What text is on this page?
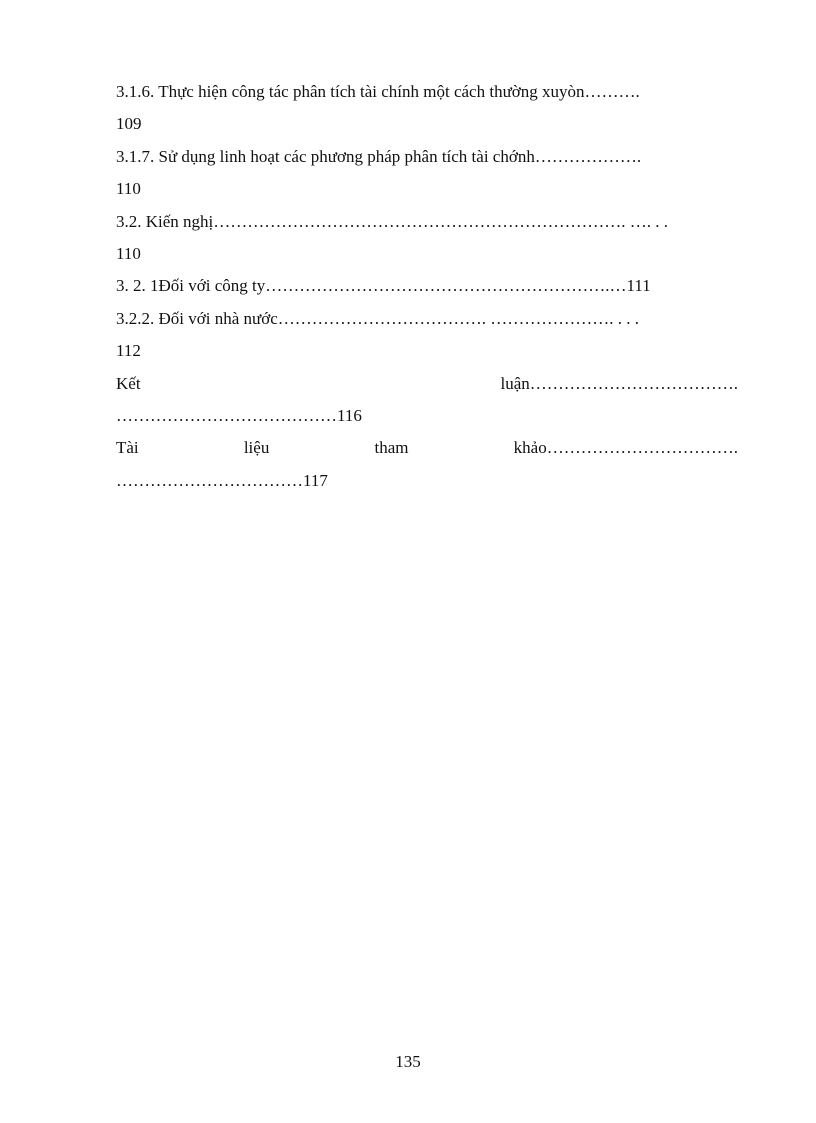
3.1.6. Thực hiện công tác phân tích tài chính một cách thường xuyòn……….
109
3.1.7. Sử dụng linh hoạt các phương pháp phân tích tài chớnh……………….
110
3.2. Kiến nghị………………………………………………………………. …. . .
110
3. 2. 1Đối với công ty…………………………………………………….…111
3.2.2. Đối với nhà nước………………………………. …………………. . . .
112
Kết	luận……………………………….
…………………………………116
Tài	liệu	tham	khảo…………………………….
……………………………117
135
